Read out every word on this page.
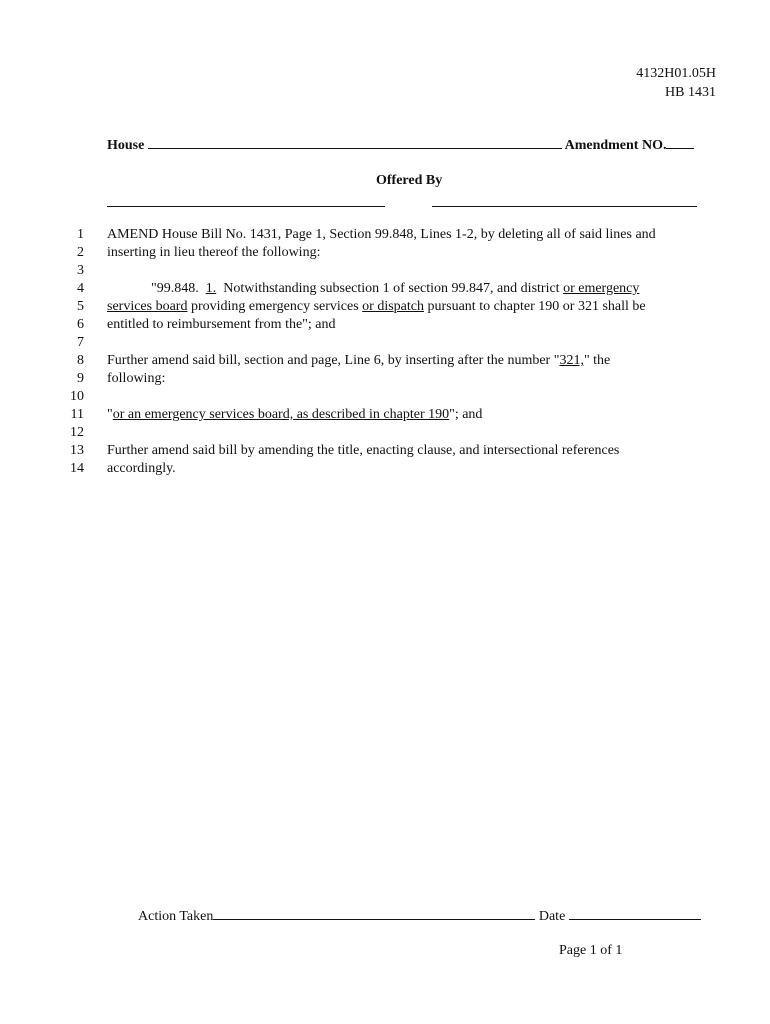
4132H01.05H
HB 1431
House	Amendment NO.
Offered By
1
2
3
4
5
6
7
8
9
10
11
12
13
14
AMEND House Bill No. 1431, Page 1, Section 99.848, Lines 1-2, by deleting all of said lines and
inserting in lieu thereof the following:
"99.848.  1.  Notwithstanding subsection 1 of section 99.847, and district or emergency
services board providing emergency services or dispatch pursuant to chapter 190 or 321 shall be
entitled to reimbursement from the"; and
Further amend said bill, section and page, Line 6, by inserting after the number "321," the
following:
"or an emergency services board, as described in chapter 190"; and
Further amend said bill by amending the title, enacting clause, and intersectional references
accordingly.
Action Taken	Date
Page 1 of 1
